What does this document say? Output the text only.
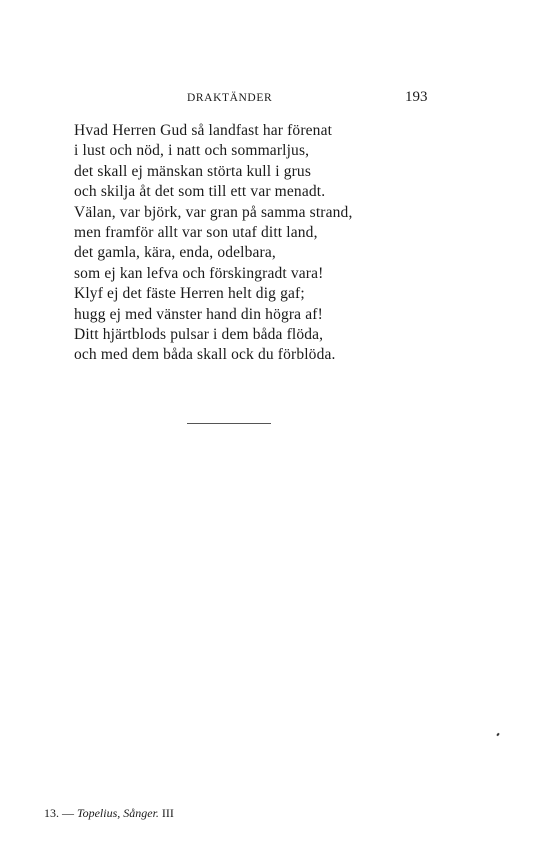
DRAKTÄNDER	193
Hvad Herren Gud så landfast har förenat
i lust och nöd, i natt och sommarljus,
det skall ej mänskan störta kull i grus
och skilja åt det som till ett var menadt.
Välan, var björk, var gran på samma strand,
men framför allt var son utaf ditt land,
det gamla, kära, enda, odelbara,
som ej kan lefva och förskingradt vara!
Klyf ej det fäste Herren helt dig gaf;
hugg ej med vänster hand din högra af!
Ditt hjärtblods pulsar i dem båda flöda,
och med dem båda skall ock du förblöda.
13. — Topelius, Sånger. III
